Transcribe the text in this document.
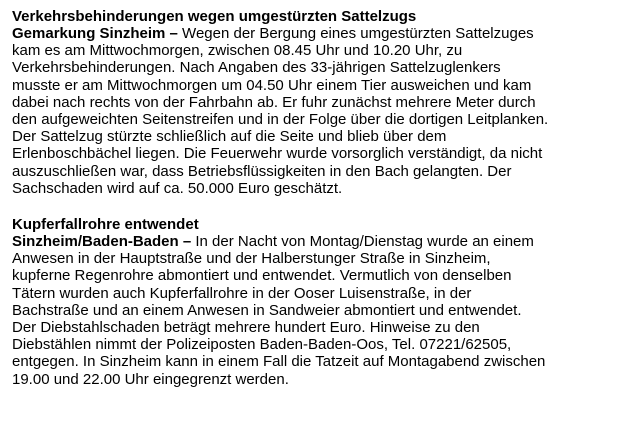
Verkehrsbehinderungen wegen umgestürzten Sattelzugs

Gemarkung Sinzheim – Wegen der Bergung eines umgestürzten Sattelzuges

kam es am Mittwochmorgen, zwischen 08.45 Uhr und 10.20 Uhr, zu

Verkehrsbehinderungen. Nach Angaben des 33-jährigen Sattelzuglenkers

musste er am Mittwochmorgen um 04.50 Uhr einem Tier ausweichen und kam

dabei nach rechts von der Fahrbahn ab. Er fuhr zunächst mehrere Meter durch

den aufgeweichten Seitenstreifen und in der Folge über die dortigen Leitplanken.

Der Sattelzug stürzte schließlich auf die Seite und blieb über dem

Erlenboschbächel liegen. Die Feuerwehr wurde vorsorglich verständigt, da nicht

auszuschließen war, dass Betriebsflüssigkeiten in den Bach gelangten. Der

Sachschaden wird auf ca. 50.000 Euro geschätzt.

Kupferfallrohre entwendet

Sinzheim/Baden-Baden – In der Nacht von Montag/Dienstag wurde an einem

Anwesen in der Hauptstraße und der Halberstunger Straße in Sinzheim,

kupferne Regenrohre abmontiert und entwendet. Vermutlich von denselben

Tätern wurden auch Kupferfallrohre in der Ooser Luisenstraße, in der

Bachstraße und an einem Anwesen in Sandweier abmontiert und entwendet.

Der Diebstahlschaden beträgt mehrere hundert Euro. Hinweise zu den

Diebstählen nimmt der Polizeiposten Baden-Baden-Oos, Tel. 07221/62505,

entgegen. In Sinzheim kann in einem Fall die Tatzeit auf Montagabend zwischen

19.00 und 22.00 Uhr eingegrenzt werden.
